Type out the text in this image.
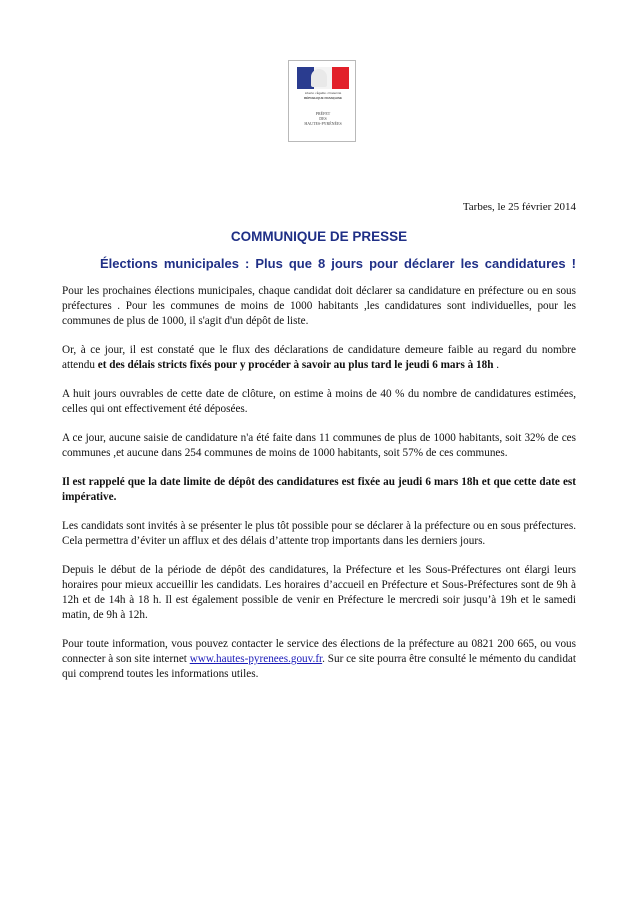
Liberté • Égalité • Fraternité
RÉPUBLIQUE FRANÇAISE
PRÉFET
DES
HAUTES-PYRÉNÉES
Tarbes, le 25 février 2014
COMMUNIQUE DE PRESSE
Élections municipales : Plus que 8 jours pour déclarer les candidatures !

Pour les prochaines élections municipales, chaque candidat doit déclarer sa candidature en préfecture ou en sous préfectures . Pour les communes de moins de 1000 habitants ,les candidatures sont individuelles, pour les communes de plus de 1000, il s'agit d'un dépôt de liste.

Or, à ce jour, il est constaté que le flux des déclarations de candidature demeure faible au regard du nombre attendu et des délais stricts fixés pour y procéder à savoir au plus tard le jeudi 6 mars à 18h .

A huit jours ouvrables de cette date de clôture, on estime à moins de 40 % du nombre de candidatures estimées, celles qui ont effectivement été déposées.

A ce jour, aucune saisie de candidature n'a été faite dans 11 communes de plus de 1000 habitants, soit 32% de ces communes ,et aucune dans 254 communes de moins de 1000 habitants, soit 57% de ces communes.

Il est rappelé que la date limite de dépôt des candidatures est fixée au jeudi 6 mars 18h et que cette date est impérative.

Les candidats sont invités à se présenter le plus tôt possible pour se déclarer à la préfecture ou en sous préfectures. Cela permettra d’éviter un afflux et des délais d’attente trop importants dans les derniers jours.

Depuis le début de la période de dépôt des candidatures, la Préfecture et les Sous-Préfectures ont élargi leurs horaires pour mieux accueillir les candidats. Les horaires d’accueil en Préfecture et Sous-Préfectures sont de 9h à 12h et de 14h à 18 h. Il est également possible de venir en Préfecture le mercredi soir jusqu’à 19h et le samedi matin, de 9h à 12h.

Pour toute information, vous pouvez contacter le service des élections de la préfecture au 0821 200 665, ou vous connecter à son site internet www.hautes-pyrenees.gouv.fr. Sur ce site pourra être consulté le mémento du candidat qui comprend toutes les informations utiles.
